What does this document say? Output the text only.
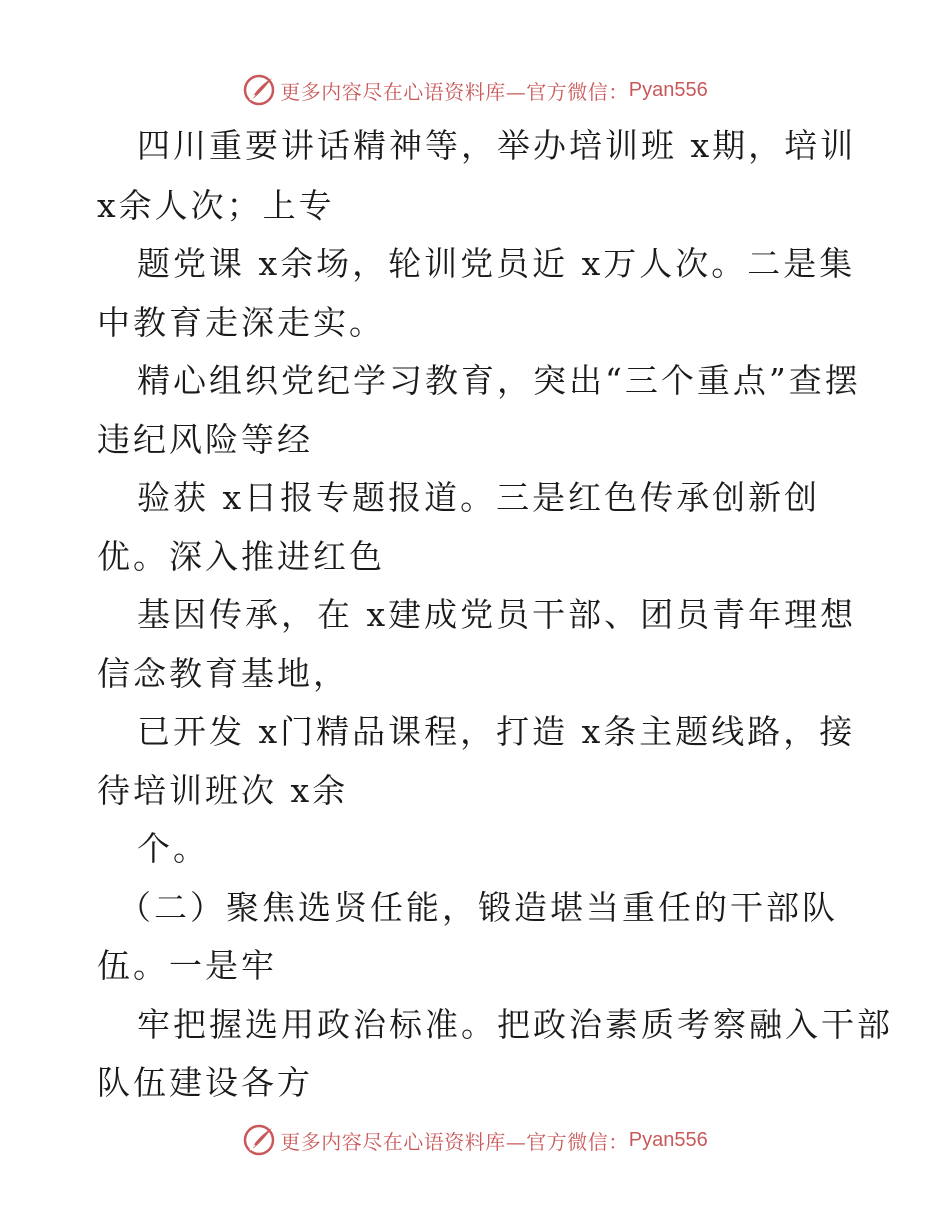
更多内容尽在心语资料库—官方微信： Pyan556
四川重要讲话精神等，举办培训班 x期，培训
x余人次；上专
题党课 x余场，轮训党员近 x万人次。二是集
中教育走深走实。
精心组织党纪学习教育，突出“三个重点”查摆
违纪风险等经
验获 x日报专题报道。三是红色传承创新创
优。深入推进红色
基因传承，在 x建成党员干部、团员青年理想
信念教育基地，
已开发 x门精品课程，打造 x条主题线路，接
待培训班次 x余
个。
（二）聚焦选贤任能，锻造堪当重任的干部队
伍。一是牢
牢把握选用政治标准。把政治素质考察融入干部
队伍建设各方
更多内容尽在心语资料库—官方微信： Pyan556
